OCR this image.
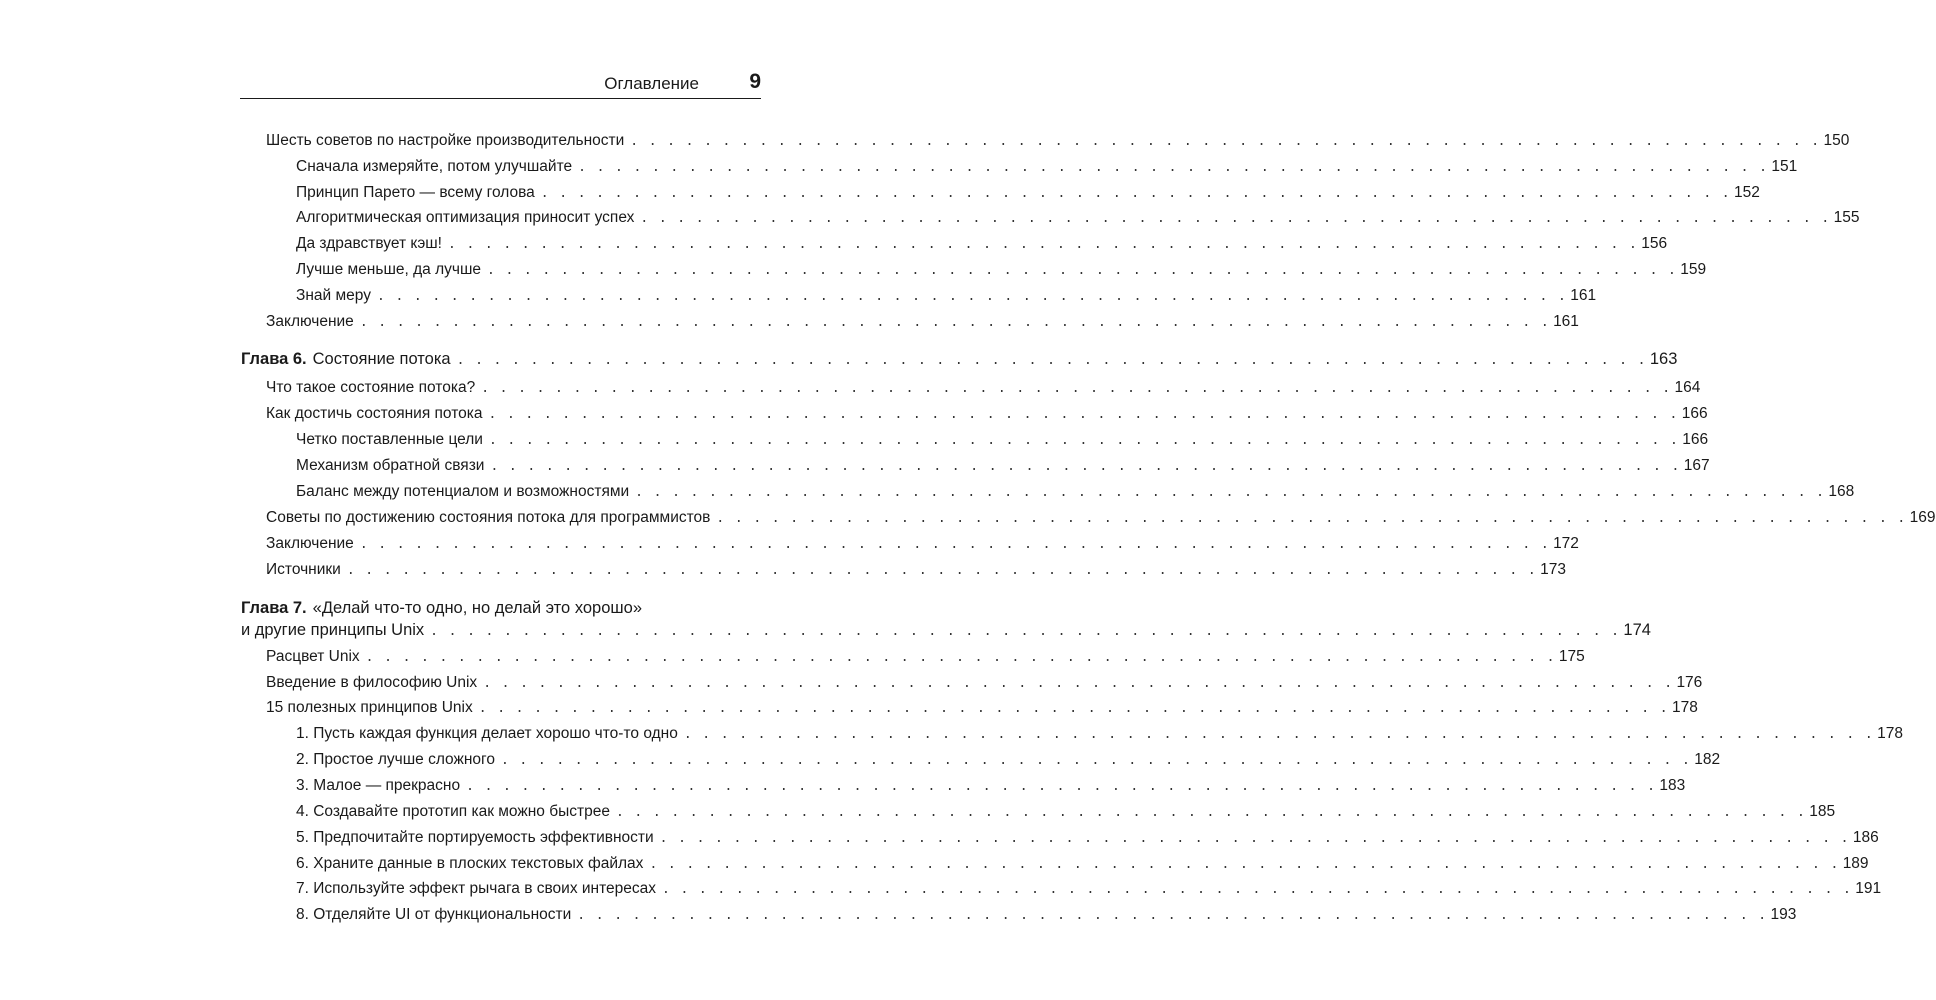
Оглавление 9
Шесть советов по настройке производительности . . . . . . . . . . . . . . . . . . . . . . . . . . . . . . . . . . . . . . . . . . . . . . . . . . . . . . . . . . . . . . . . . 150
Сначала измеряйте, потом улучшайте . . . . . . . . . . . . . . . . . . . . . . . . . . . . . . . . . . . . . . . . . . . . . . . . . . . . . . . . . . . . . . . . . 151
Принцип Парето — всему голова . . . . . . . . . . . . . . . . . . . . . . . . . . . . . . . . . . . . . . . . . . . . . . . . . . . . . . . . . . . . . . . . . 152
Алгоритмическая оптимизация приносит успех . . . . . . . . . . . . . . . . . . . . . . . . . . . . . . . . . . . . . . . . . . . . . . . . . . . . . . . . . . . . . . . . . 155
Да здравствует кэш! . . . . . . . . . . . . . . . . . . . . . . . . . . . . . . . . . . . . . . . . . . . . . . . . . . . . . . . . . . . . . . . . . 156
Лучше меньше, да лучше . . . . . . . . . . . . . . . . . . . . . . . . . . . . . . . . . . . . . . . . . . . . . . . . . . . . . . . . . . . . . . . . . 159
Знай меру . . . . . . . . . . . . . . . . . . . . . . . . . . . . . . . . . . . . . . . . . . . . . . . . . . . . . . . . . . . . . . . . . 161
Заключение . . . . . . . . . . . . . . . . . . . . . . . . . . . . . . . . . . . . . . . . . . . . . . . . . . . . . . . . . . . . . . . . . 161
Глава 6. Состояние потока . . . . . . . . . . . . . . . . . . . . . . . . . . . . . . . . . . . . . . . . . . . . . . . . . . . . . . . . . . . . . . . . . 163
Что такое состояние потока? . . . . . . . . . . . . . . . . . . . . . . . . . . . . . . . . . . . . . . . . . . . . . . . . . . . . . . . . . . . . . . . . . 164
Как достичь состояния потока . . . . . . . . . . . . . . . . . . . . . . . . . . . . . . . . . . . . . . . . . . . . . . . . . . . . . . . . . . . . . . . . . 166
Четко поставленные цели . . . . . . . . . . . . . . . . . . . . . . . . . . . . . . . . . . . . . . . . . . . . . . . . . . . . . . . . . . . . . . . . . 166
Механизм обратной связи . . . . . . . . . . . . . . . . . . . . . . . . . . . . . . . . . . . . . . . . . . . . . . . . . . . . . . . . . . . . . . . . . 167
Баланс между потенциалом и возможностями . . . . . . . . . . . . . . . . . . . . . . . . . . . . . . . . . . . . . . . . . . . . . . . . . . . . . . . . . . . . . . . . . 168
Советы по достижению состояния потока для программистов . . . . . . . . . . . . . . . . . . . . . . . . . . . . . . . . . . . . . . . . . . . . . . . . . . . . . . . . . . . . . . . . . 169
Заключение . . . . . . . . . . . . . . . . . . . . . . . . . . . . . . . . . . . . . . . . . . . . . . . . . . . . . . . . . . . . . . . . . 172
Источники . . . . . . . . . . . . . . . . . . . . . . . . . . . . . . . . . . . . . . . . . . . . . . . . . . . . . . . . . . . . . . . . . 173
Глава 7. «Делай что-то одно, но делай это хорошо»
и другие принципы Unix . . . . . . . . . . . . . . . . . . . . . . . . . . . . . . . . . . . . . . . . . . . . . . . . . . . . . . . . . . . . . . . . . 174
Расцвет Unix . . . . . . . . . . . . . . . . . . . . . . . . . . . . . . . . . . . . . . . . . . . . . . . . . . . . . . . . . . . . . . . . . 175
Введение в философию Unix . . . . . . . . . . . . . . . . . . . . . . . . . . . . . . . . . . . . . . . . . . . . . . . . . . . . . . . . . . . . . . . . . 176
15 полезных принципов Unix . . . . . . . . . . . . . . . . . . . . . . . . . . . . . . . . . . . . . . . . . . . . . . . . . . . . . . . . . . . . . . . . . 178
1. Пусть каждая функция делает хорошо что-то одно . . . . . . . . . . . . . . . . . . . . . . . . . . . . . . . . . . . . . . . . . . . . . . . . . . . . . . . . . . . . . . . . . 178
2. Простое лучше сложного . . . . . . . . . . . . . . . . . . . . . . . . . . . . . . . . . . . . . . . . . . . . . . . . . . . . . . . . . . . . . . . . . 182
3. Малое — прекрасно . . . . . . . . . . . . . . . . . . . . . . . . . . . . . . . . . . . . . . . . . . . . . . . . . . . . . . . . . . . . . . . . . 183
4. Создавайте прототип как можно быстрее . . . . . . . . . . . . . . . . . . . . . . . . . . . . . . . . . . . . . . . . . . . . . . . . . . . . . . . . . . . . . . . . . 185
5. Предпочитайте портируемость эффективности . . . . . . . . . . . . . . . . . . . . . . . . . . . . . . . . . . . . . . . . . . . . . . . . . . . . . . . . . . . . . . . . . 186
6. Храните данные в плоских текстовых файлах . . . . . . . . . . . . . . . . . . . . . . . . . . . . . . . . . . . . . . . . . . . . . . . . . . . . . . . . . . . . . . . . . 189
7. Используйте эффект рычага в своих интересах . . . . . . . . . . . . . . . . . . . . . . . . . . . . . . . . . . . . . . . . . . . . . . . . . . . . . . . . . . . . . . . . . 191
8. Отделяйте UI от функциональности . . . . . . . . . . . . . . . . . . . . . . . . . . . . . . . . . . . . . . . . . . . . . . . . . . . . . . . . . . . . . . . . . 193
